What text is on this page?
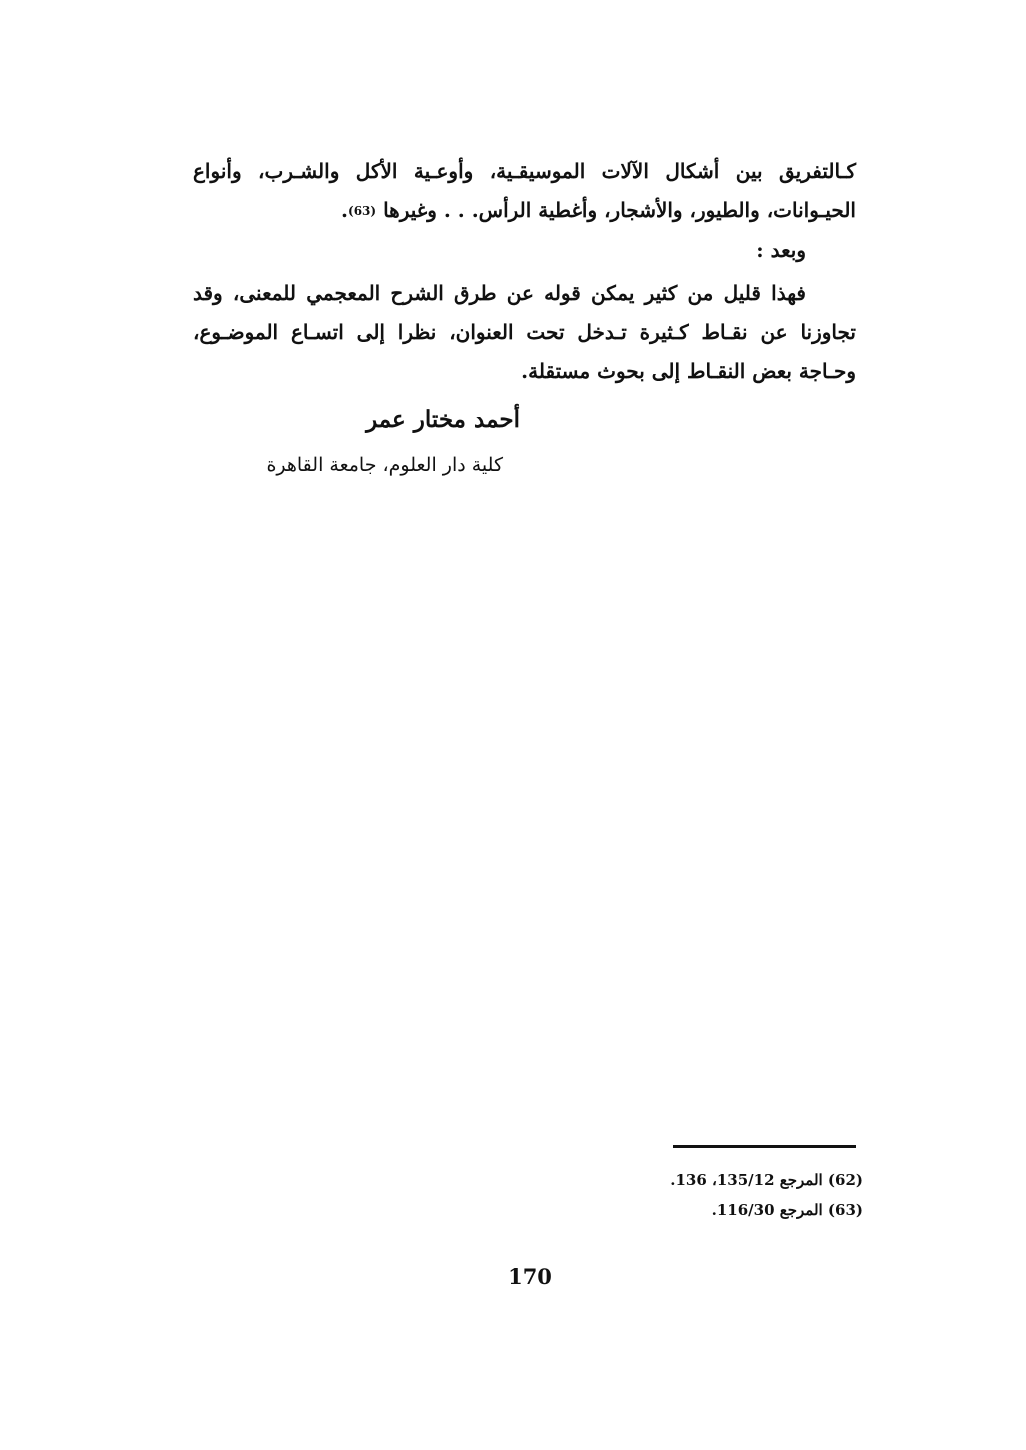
كـالتفريق بين أشكال الآلات الموسيقـية، وأوعـية الأكل والشـرب، وأنواع الحيـوانات، والطيور، والأشجار، وأغطية الرأس. . . وغيرها (63).
وبعد :
فهذا قليل من كثير يمكن قوله عن طرق الشرح المعجمي للمعنى، وقد تجاوزنا عن نقـاط كـثيرة تـدخل تحت العنوان، نظرا إلى اتسـاع الموضـوع، وحـاجة بعض النقـاط إلى بحوث مستقلة.
أحمد مختار عمر
كلية دار العلوم، جامعة القاهرة
(62) المرجع 135/12، 136.
(63) المرجع 116/30.
170
